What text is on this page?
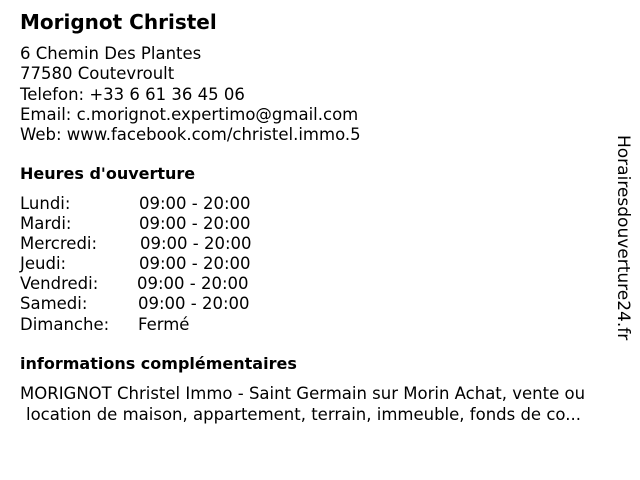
Morignot Christel
6 Chemin Des Plantes
77580 Coutevroult
Telefon: +33 6 61 36 45 06
Email: c.morignot.expertimo@gmail.com
Web: www.facebook.com/christel.immo.5
Heures d'ouverture
Lundi:	09:00 - 20:00
Mardi:	09:00 - 20:00
Mercredi:	09:00 - 20:00
Jeudi:	09:00 - 20:00
Vendredi: 09:00 - 20:00
Samedi:	09:00 - 20:00
Dimanche: Fermé
informations complémentaires
MORIGNOT Christel Immo - Saint Germain sur Morin Achat, vente ou
location de maison, appartement, terrain, immeuble, fonds de co...
Horairesdouverture24.fr
